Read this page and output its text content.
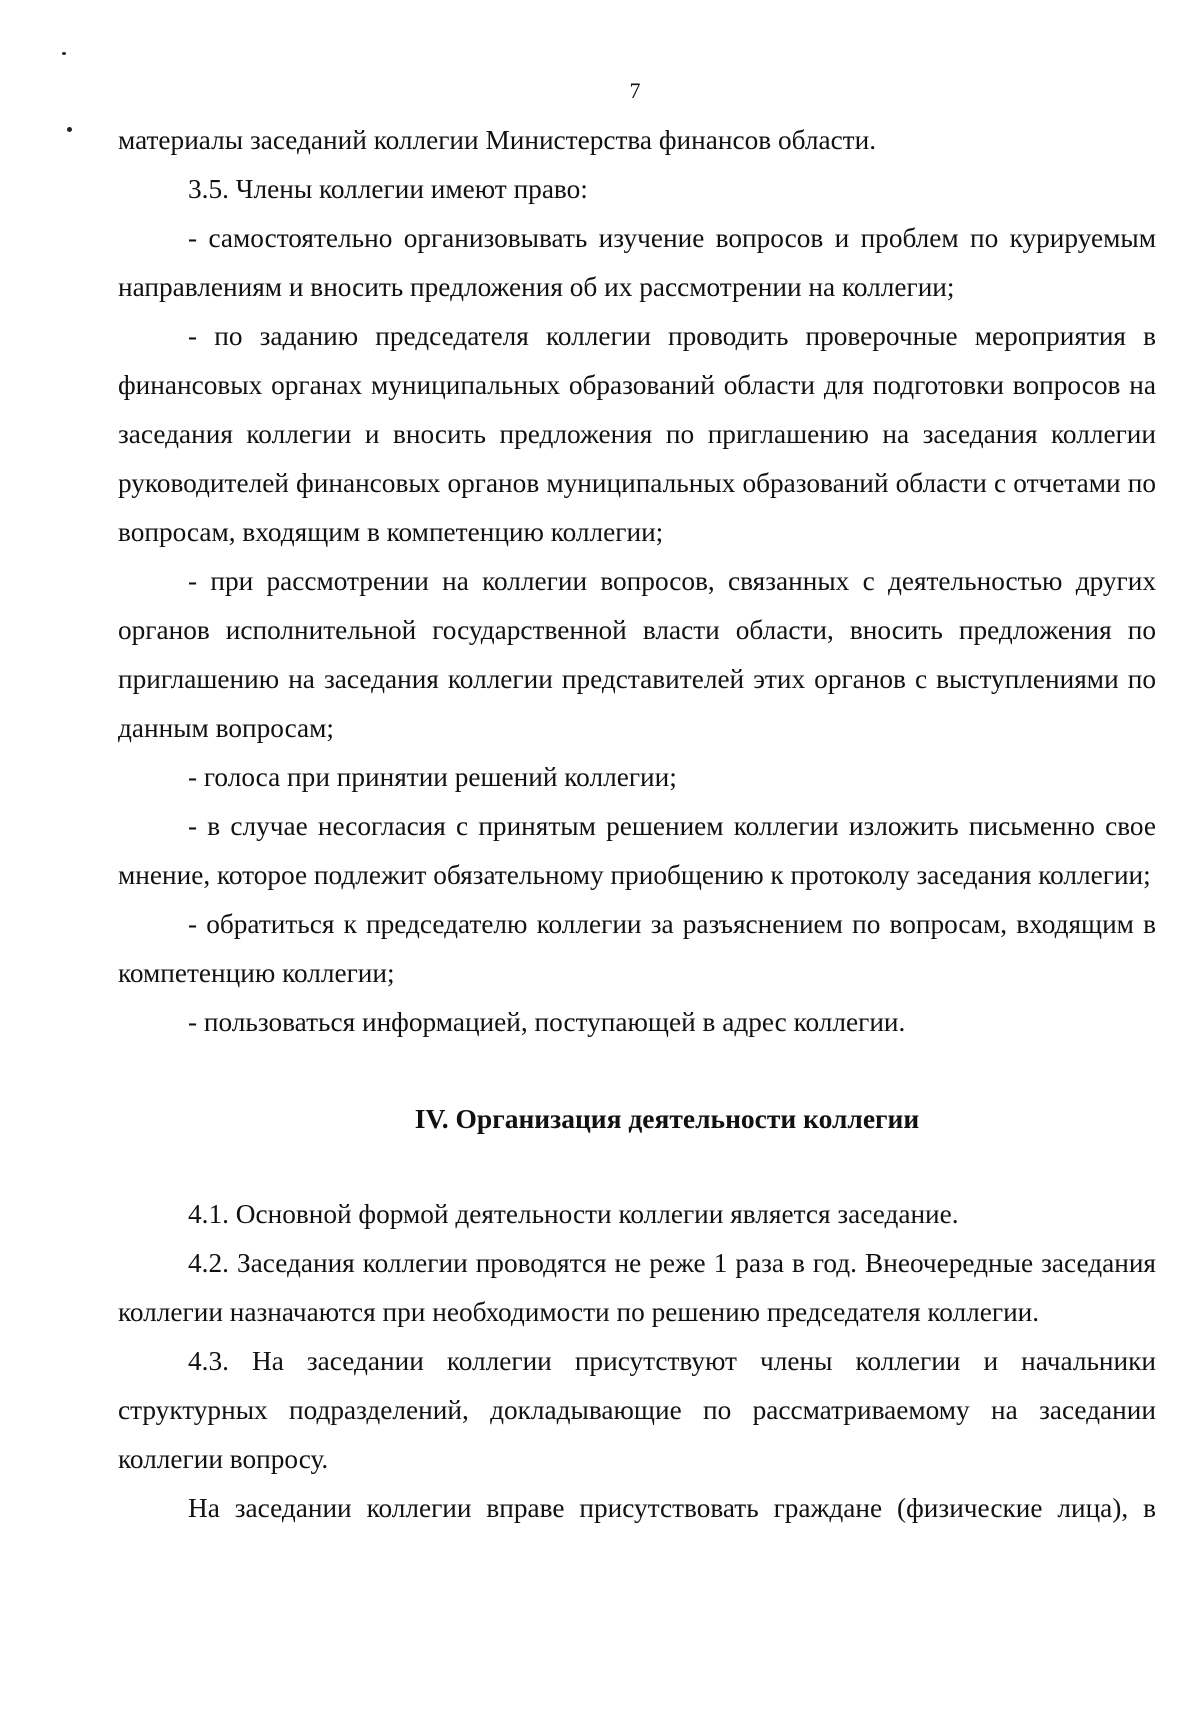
7

материалы заседаний коллегии Министерства финансов области.

3.5. Члены коллегии имеют право:

- самостоятельно организовывать изучение вопросов и проблем по курируемым направлениям и вносить предложения об их рассмотрении на коллегии;

- по заданию председателя коллегии проводить проверочные мероприятия в финансовых органах муниципальных образований области для подготовки вопросов на заседания коллегии и вносить предложения по приглашению на заседания коллегии руководителей финансовых органов муниципальных образований области с отчетами по вопросам, входящим в компетенцию коллегии;

- при рассмотрении на коллегии вопросов, связанных с деятельностью других органов исполнительной государственной власти области, вносить предложения по приглашению на заседания коллегии представителей этих органов с выступлениями по данным вопросам;

- голоса при принятии решений коллегии;

- в случае несогласия с принятым решением коллегии изложить письменно свое мнение, которое подлежит обязательному приобщению к протоколу заседания коллегии;

- обратиться к председателю коллегии за разъяснением по вопросам, входящим в компетенцию коллегии;

- пользоваться информацией, поступающей в адрес коллегии.

IV. Организация деятельности коллегии

4.1. Основной формой деятельности коллегии является заседание.

4.2. Заседания коллегии проводятся не реже 1 раза в год. Внеочередные заседания коллегии назначаются при необходимости по решению председателя коллегии.

4.3. На заседании коллегии присутствуют члены коллегии и начальники структурных подразделений, докладывающие по рассматриваемому на заседании коллегии вопросу.

На заседании коллегии вправе присутствовать граждане (физические лица), в
